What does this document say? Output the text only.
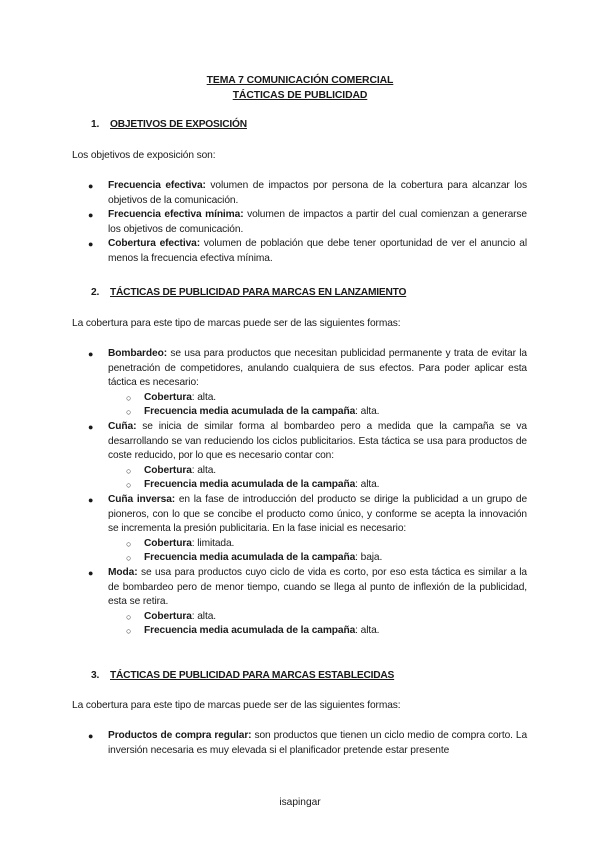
TEMA 7 COMUNICACIÓN COMERCIAL
TÁCTICAS DE PUBLICIDAD
1. OBJETIVOS DE EXPOSICIÓN
Los objetivos de exposición son:
● Frecuencia efectiva: volumen de impactos por persona de la cobertura para alcanzar los objetivos de la comunicación.
● Frecuencia efectiva mínima: volumen de impactos a partir del cual comienzan a generarse los objetivos de comunicación.
● Cobertura efectiva: volumen de población que debe tener oportunidad de ver el anuncio al menos la frecuencia efectiva mínima.
2. TÁCTICAS DE PUBLICIDAD PARA MARCAS EN LANZAMIENTO
La cobertura para este tipo de marcas puede ser de las siguientes formas:
● Bombardeo: se usa para productos que necesitan publicidad permanente y trata de evitar la penetración de competidores, anulando cualquiera de sus efectos. Para poder aplicar esta táctica es necesario:
○ Cobertura: alta.
○ Frecuencia media acumulada de la campaña: alta.
● Cuña: se inicia de similar forma al bombardeo pero a medida que la campaña se va desarrollando se van reduciendo los ciclos publicitarios. Esta táctica se usa para productos de coste reducido, por lo que es necesario contar con:
○ Cobertura: alta.
○ Frecuencia media acumulada de la campaña: alta.
● Cuña inversa: en la fase de introducción del producto se dirige la publicidad a un grupo de pioneros, con lo que se concibe el producto como único, y conforme se acepta la innovación se incrementa la presión publicitaria. En la fase inicial es necesario:
○ Cobertura: limitada.
○ Frecuencia media acumulada de la campaña: baja.
● Moda: se usa para productos cuyo ciclo de vida es corto, por eso esta táctica es similar a la de bombardeo pero de menor tiempo, cuando se llega al punto de inflexión de la publicidad, esta se retira.
○ Cobertura: alta.
○ Frecuencia media acumulada de la campaña: alta.
3. TÁCTICAS DE PUBLICIDAD PARA MARCAS ESTABLECIDAS
La cobertura para este tipo de marcas puede ser de las siguientes formas:
● Productos de compra regular: son productos que tienen un ciclo medio de compra corto. La inversión necesaria es muy elevada si el planificador pretende estar presente
isapingar
